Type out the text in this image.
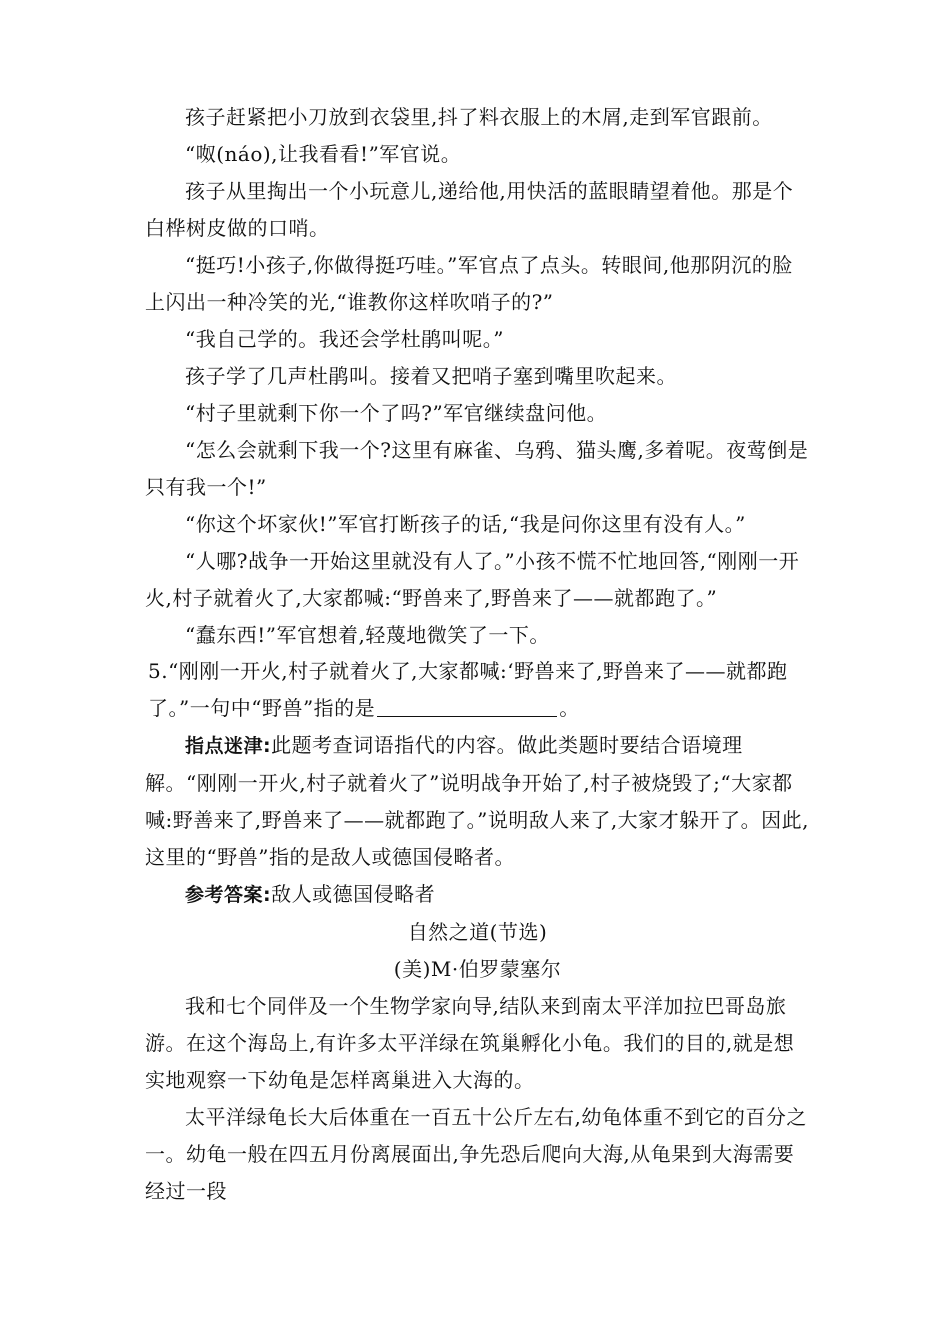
孩子赶紧把小刀放到衣袋里,抖了料衣服上的木屑,走到军官跟前。

“呶(náo),让我看看!”军官说。

孩子从里掏出一个小玩意儿,递给他,用快活的蓝眼睛望着他。那是个白桦树皮做的口哨。

“挺巧!小孩子,你做得挺巧哇。”军官点了点头。转眼间,他那阴沉的脸上闪出一种冷笑的光,“谁教你这样吹哨子的?”

“我自己学的。我还会学杜鹃叫呢。”

孩子学了几声杜鹃叫。接着又把哨子塞到嘴里吹起来。

“村子里就剩下你一个了吗?”军官继续盘问他。

“怎么会就剩下我一个?这里有麻雀、乌鸦、猫头鹰,多着呢。夜莺倒是只有我一个!”

“你这个坏家伙!”军官打断孩子的话,“我是问你这里有没有人。”

“人哪?战争一开始这里就没有人了。”小孩不慌不忙地回答,“刚刚一开火,村子就着火了,大家都喊:“野兽来了,野兽来了——就都跑了。”

“蠢东西!”军官想着,轻蔑地微笑了一下。

5.“刚刚一开火,村子就着火了,大家都喊:‘野兽来了,野兽来了——就都跑了。”一句中“野兽”指的是	。

指点迷津:此题考查词语指代的内容。做此类题时要结合语境理解。“刚刚一开火,村子就着火了”说明战争开始了,村子被烧毁了;“大家都喊:野善来了,野兽来了——就都跑了。”说明敌人来了,大家才躲开了。因此,这里的“野兽”指的是敌人或德国侵略者。

参考答案:敌人或德国侵略者

自然之道(节选)

(美)M·伯罗蒙塞尔

我和七个同伴及一个生物学家向导,结队来到南太平洋加拉巴哥岛旅游。在这个海岛上,有许多太平洋绿在筑巢孵化小龟。我们的目的,就是想实地观察一下幼龟是怎样离巢进入大海的。

太平洋绿龟长大后体重在一百五十公斤左右,幼龟体重不到它的百分之一。幼龟一般在四五月份离展面出,争先恐后爬向大海,从龟果到大海需要经过一段
